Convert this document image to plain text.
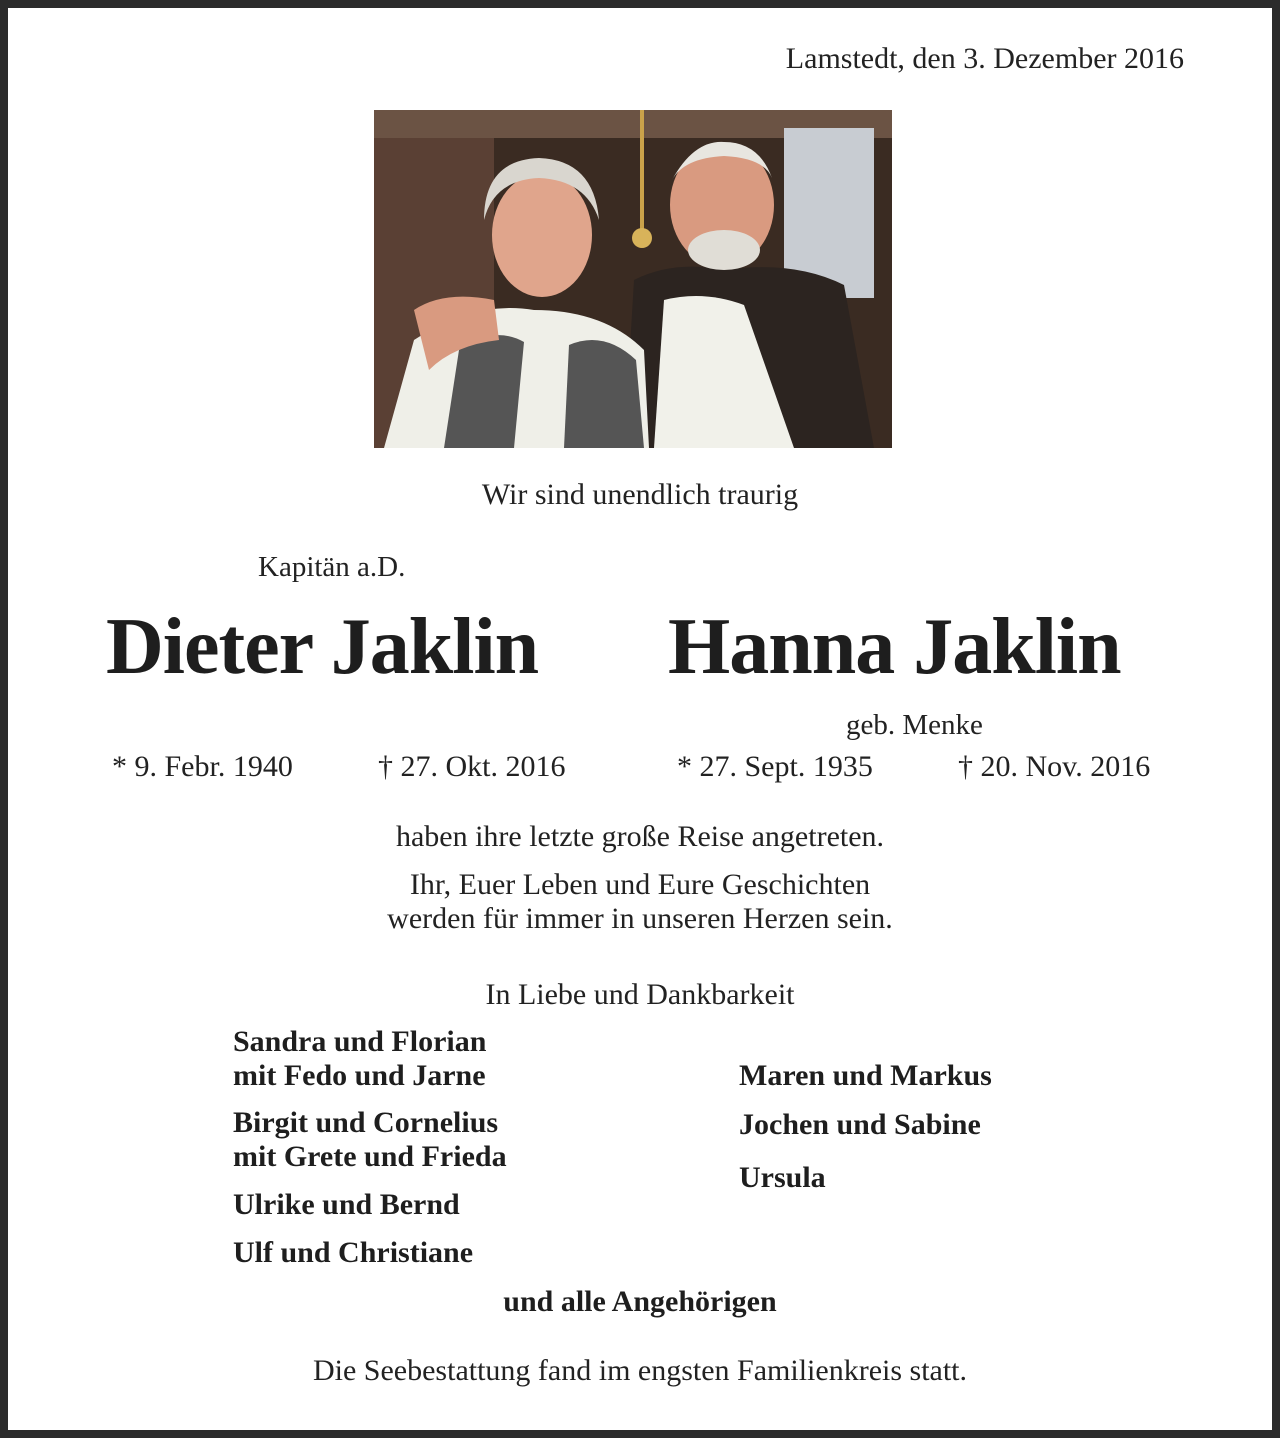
Lamstedt, den 3. Dezember 2016
Wir sind unendlich traurig
Kapitän a.D.
Dieter Jaklin Hanna Jaklin
geb. Menke
* 9. Febr. 1940	† 27. Okt. 2016	* 27. Sept. 1935	† 20. Nov. 2016
haben ihre letzte große Reise angetreten.
Ihr, Euer Leben und Eure Geschichten
werden für immer in unseren Herzen sein.
In Liebe und Dankbarkeit
Sandra und Florian
mit Fedo und Jarne
Birgit und Cornelius
mit Grete und Frieda
Ulrike und Bernd
Ulf und Christiane
Maren und Markus
Jochen und Sabine
Ursula
und alle Angehörigen
Die Seebestattung fand im engsten Familienkreis statt.
